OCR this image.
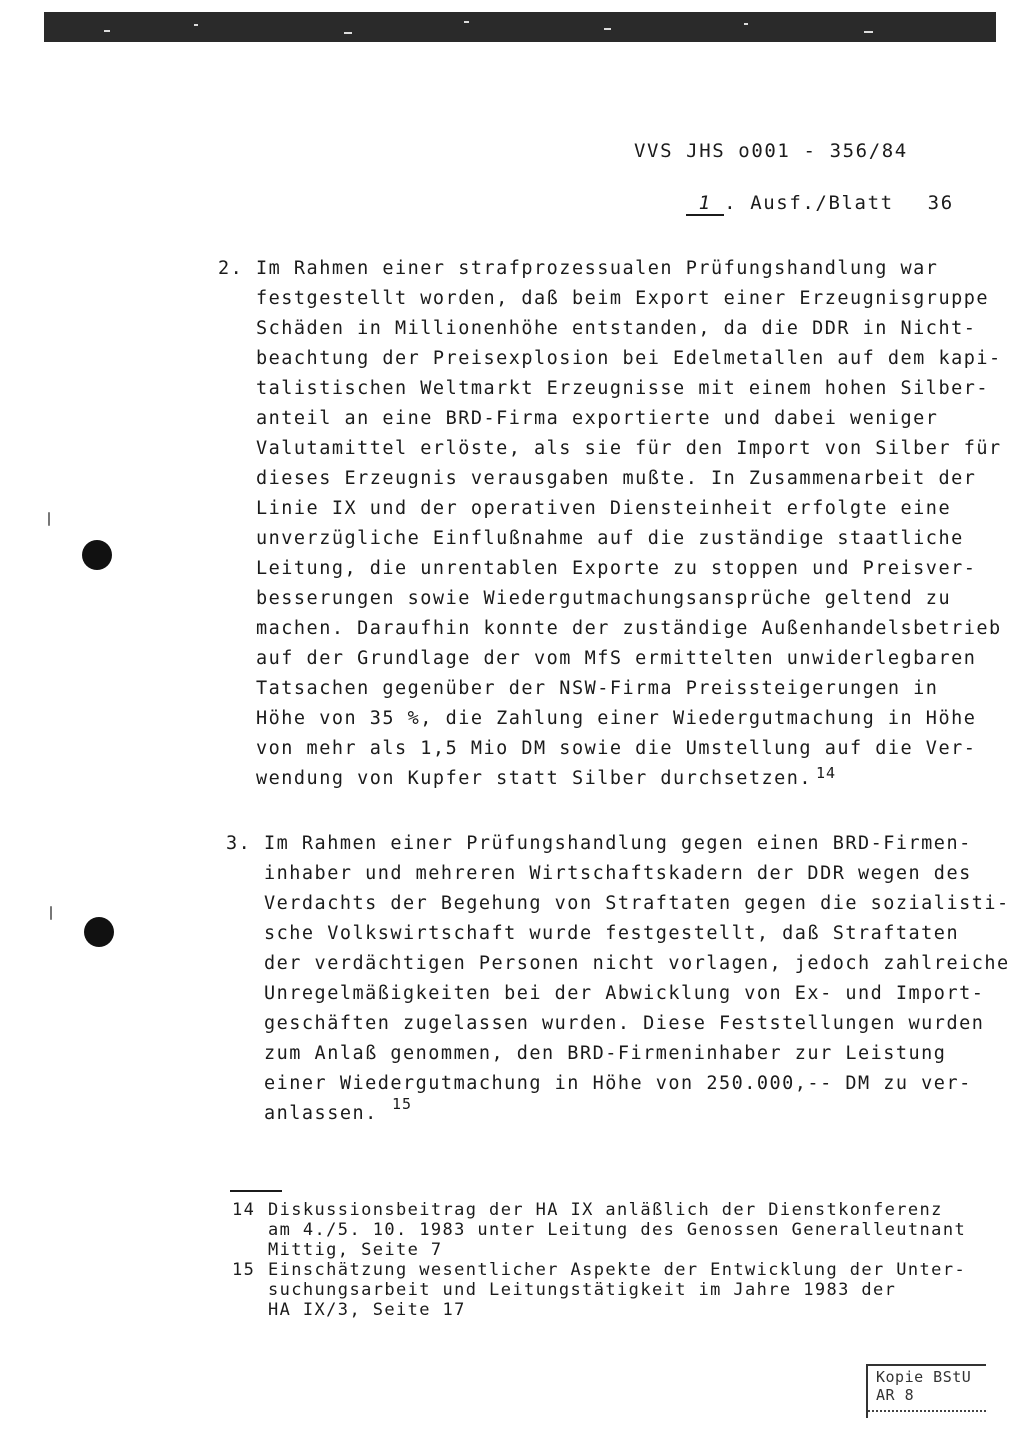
VVS JHS o001 - 356/84

1 . Ausf./Blatt 36

2. Im Rahmen einer strafprozessualen Prüfungshandlung war
festgestellt worden, daß beim Export einer Erzeugnisgruppe
Schäden in Millionenhöhe entstanden, da die DDR in Nicht-
beachtung der Preisexplosion bei Edelmetallen auf dem kapi-
talistischen Weltmarkt Erzeugnisse mit einem hohen Silber-
anteil an eine BRD-Firma exportierte und dabei weniger
Valutamittel erlöste, als sie für den Import von Silber für
dieses Erzeugnis verausgaben mußte. In Zusammenarbeit der
Linie IX und der operativen Diensteinheit erfolgte eine
unverzügliche Einflußnahme auf die zuständige staatliche
Leitung, die unrentablen Exporte zu stoppen und Preisver-
besserungen sowie Wiedergutmachungsansprüche geltend zu
machen. Daraufhin konnte der zuständige Außenhandelsbetrieb
auf der Grundlage der vom MfS ermittelten unwiderlegbaren
Tatsachen gegenüber der NSW-Firma Preissteigerungen in
Höhe von 35 %, die Zahlung einer Wiedergutmachung in Höhe
von mehr als 1,5 Mio DM sowie die Umstellung auf die Ver-
wendung von Kupfer statt Silber durchsetzen. 14
3. Im Rahmen einer Prüfungshandlung gegen einen BRD-Firmen-
inhaber und mehreren Wirtschaftskadern der DDR wegen des
Verdachts der Begehung von Straftaten gegen die sozialisti-
sche Volkswirtschaft wurde festgestellt, daß Straftaten
der verdächtigen Personen nicht vorlagen, jedoch zahlreiche
Unregelmäßigkeiten bei der Abwicklung von Ex- und Import-
geschäften zugelassen wurden. Diese Feststellungen wurden
zum Anlaß genommen, den BRD-Firmeninhaber zur Leistung
einer Wiedergutmachung in Höhe von 250.000,-- DM zu ver-
anlassen. 15
14 Diskussionsbeitrag der HA IX anläßlich der Dienstkonferenz
am 4./5. 10. 1983 unter Leitung des Genossen Generalleutnant
Mittig, Seite 7
15 Einschätzung wesentlicher Aspekte der Entwicklung der Unter-
suchungsarbeit und Leitungstätigkeit im Jahre 1983 der
HA IX/3, Seite 17
Kopie BStU
AR 8
